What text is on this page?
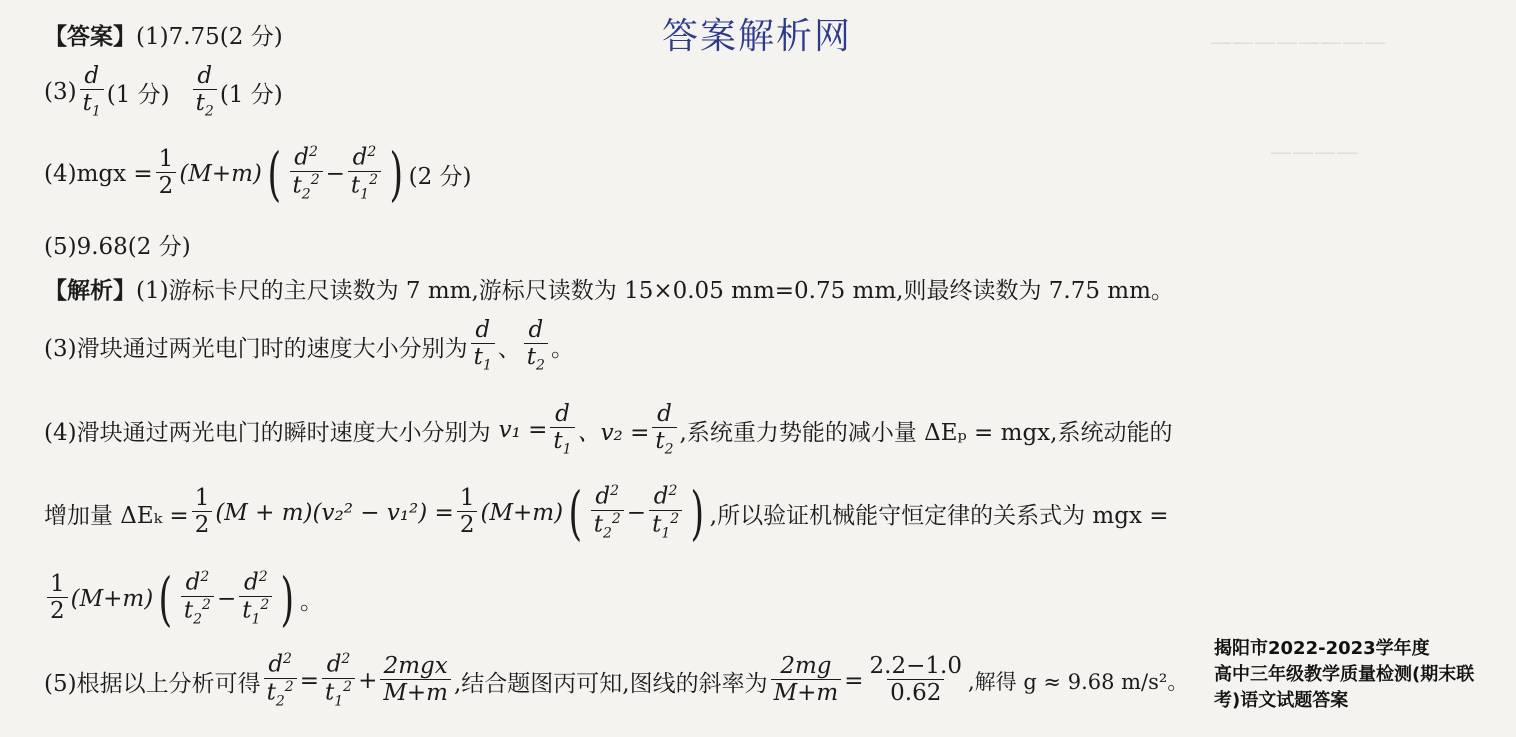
————————
————
答案解析网
【答案】 (1)7.75(2 分)
$(3) \frac{d}{t_1} (1$ 分) $\frac{d}{t_2} (1$ 分)
$(4)mgx = \frac{1}{2} (M+m)$ ( $\frac{d^2}{t_2^2} - \frac{d^2}{t_1^2}$ ) (2 分)
(5)9.68(2 分)
【解析】 (1)游标卡尺的主尺读数为 7 mm,游标尺读数为 15×0.05 mm=0.75 mm,则最终读数为 7.75 mm。
(3)滑块通过两光电门时的速度大小分别为 $\frac{d}{t_1}$ 、 $\frac{d}{t_2}$ 。
(4)滑块通过两光电门的瞬时速度大小分别为 $v_1 = \frac{d}{t_1}$ 、$v_2 = \frac{d}{t_2}$ ,系统重力势能的减小量 ΔEₚ = mgx,系统动能的
增加量 $\Delta E_k = \frac{1}{2} (M + m)(v_2^2 - v_1^2) = \frac{1}{2} (M+m)$ ( $\frac{d^2}{t_2^2} - \frac{d^2}{t_1^2}$ ) ,所以验证机械能守恒定律的关系式为 mgx =
$\frac{1}{2} (M+m)$ ( $\frac{d^2}{t_2^2} - \frac{d^2}{t_1^2}$ ) 。
(5)根据以上分析可得 $\frac{d^2}{t_2^2} = \frac{d^2}{t_1^2} + \frac{\text{2mgx}}{M+m}$ ,结合题图丙可知,图线的斜率为 $\frac{2mg}{M+m} = \frac{2.2-1.0}{0.62}$ ,解得 g ≈ 9.68 m/s²。
揭阳市2022-2023学年度
高中三年级教学质量检测(期末联
考)语文试题答案
